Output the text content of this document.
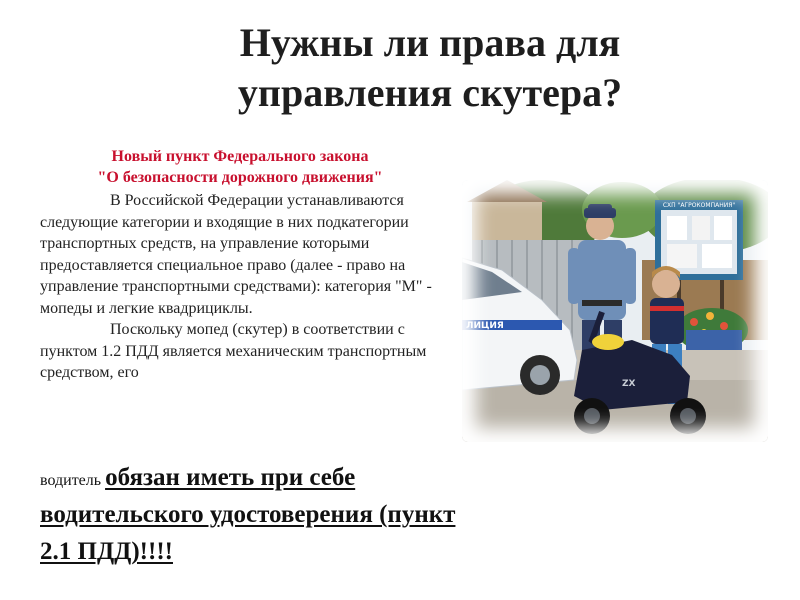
Нужны ли права для
управления скутера?
Новый пункт Федерального закона
"О безопасности дорожного движения"

В Российской Федерации устанавливаются следующие категории и входящие в них подкатегории транспортных средств, на управление которыми предоставляется специальное право (далее - право на управление транспортными средствами): категория "М" - мопеды и легкие квадрициклы.

Поскольку мопед (скутер) в соответствии с пунктом 1.2 ПДД является механическим транспортным средством, его

водитель обязан иметь при себе водительского удостоверения (пункт 2.1 ПДД)!!!!
СХП "АГРОКОМПАНИЯ"
ЛИЦИЯ
ZX
